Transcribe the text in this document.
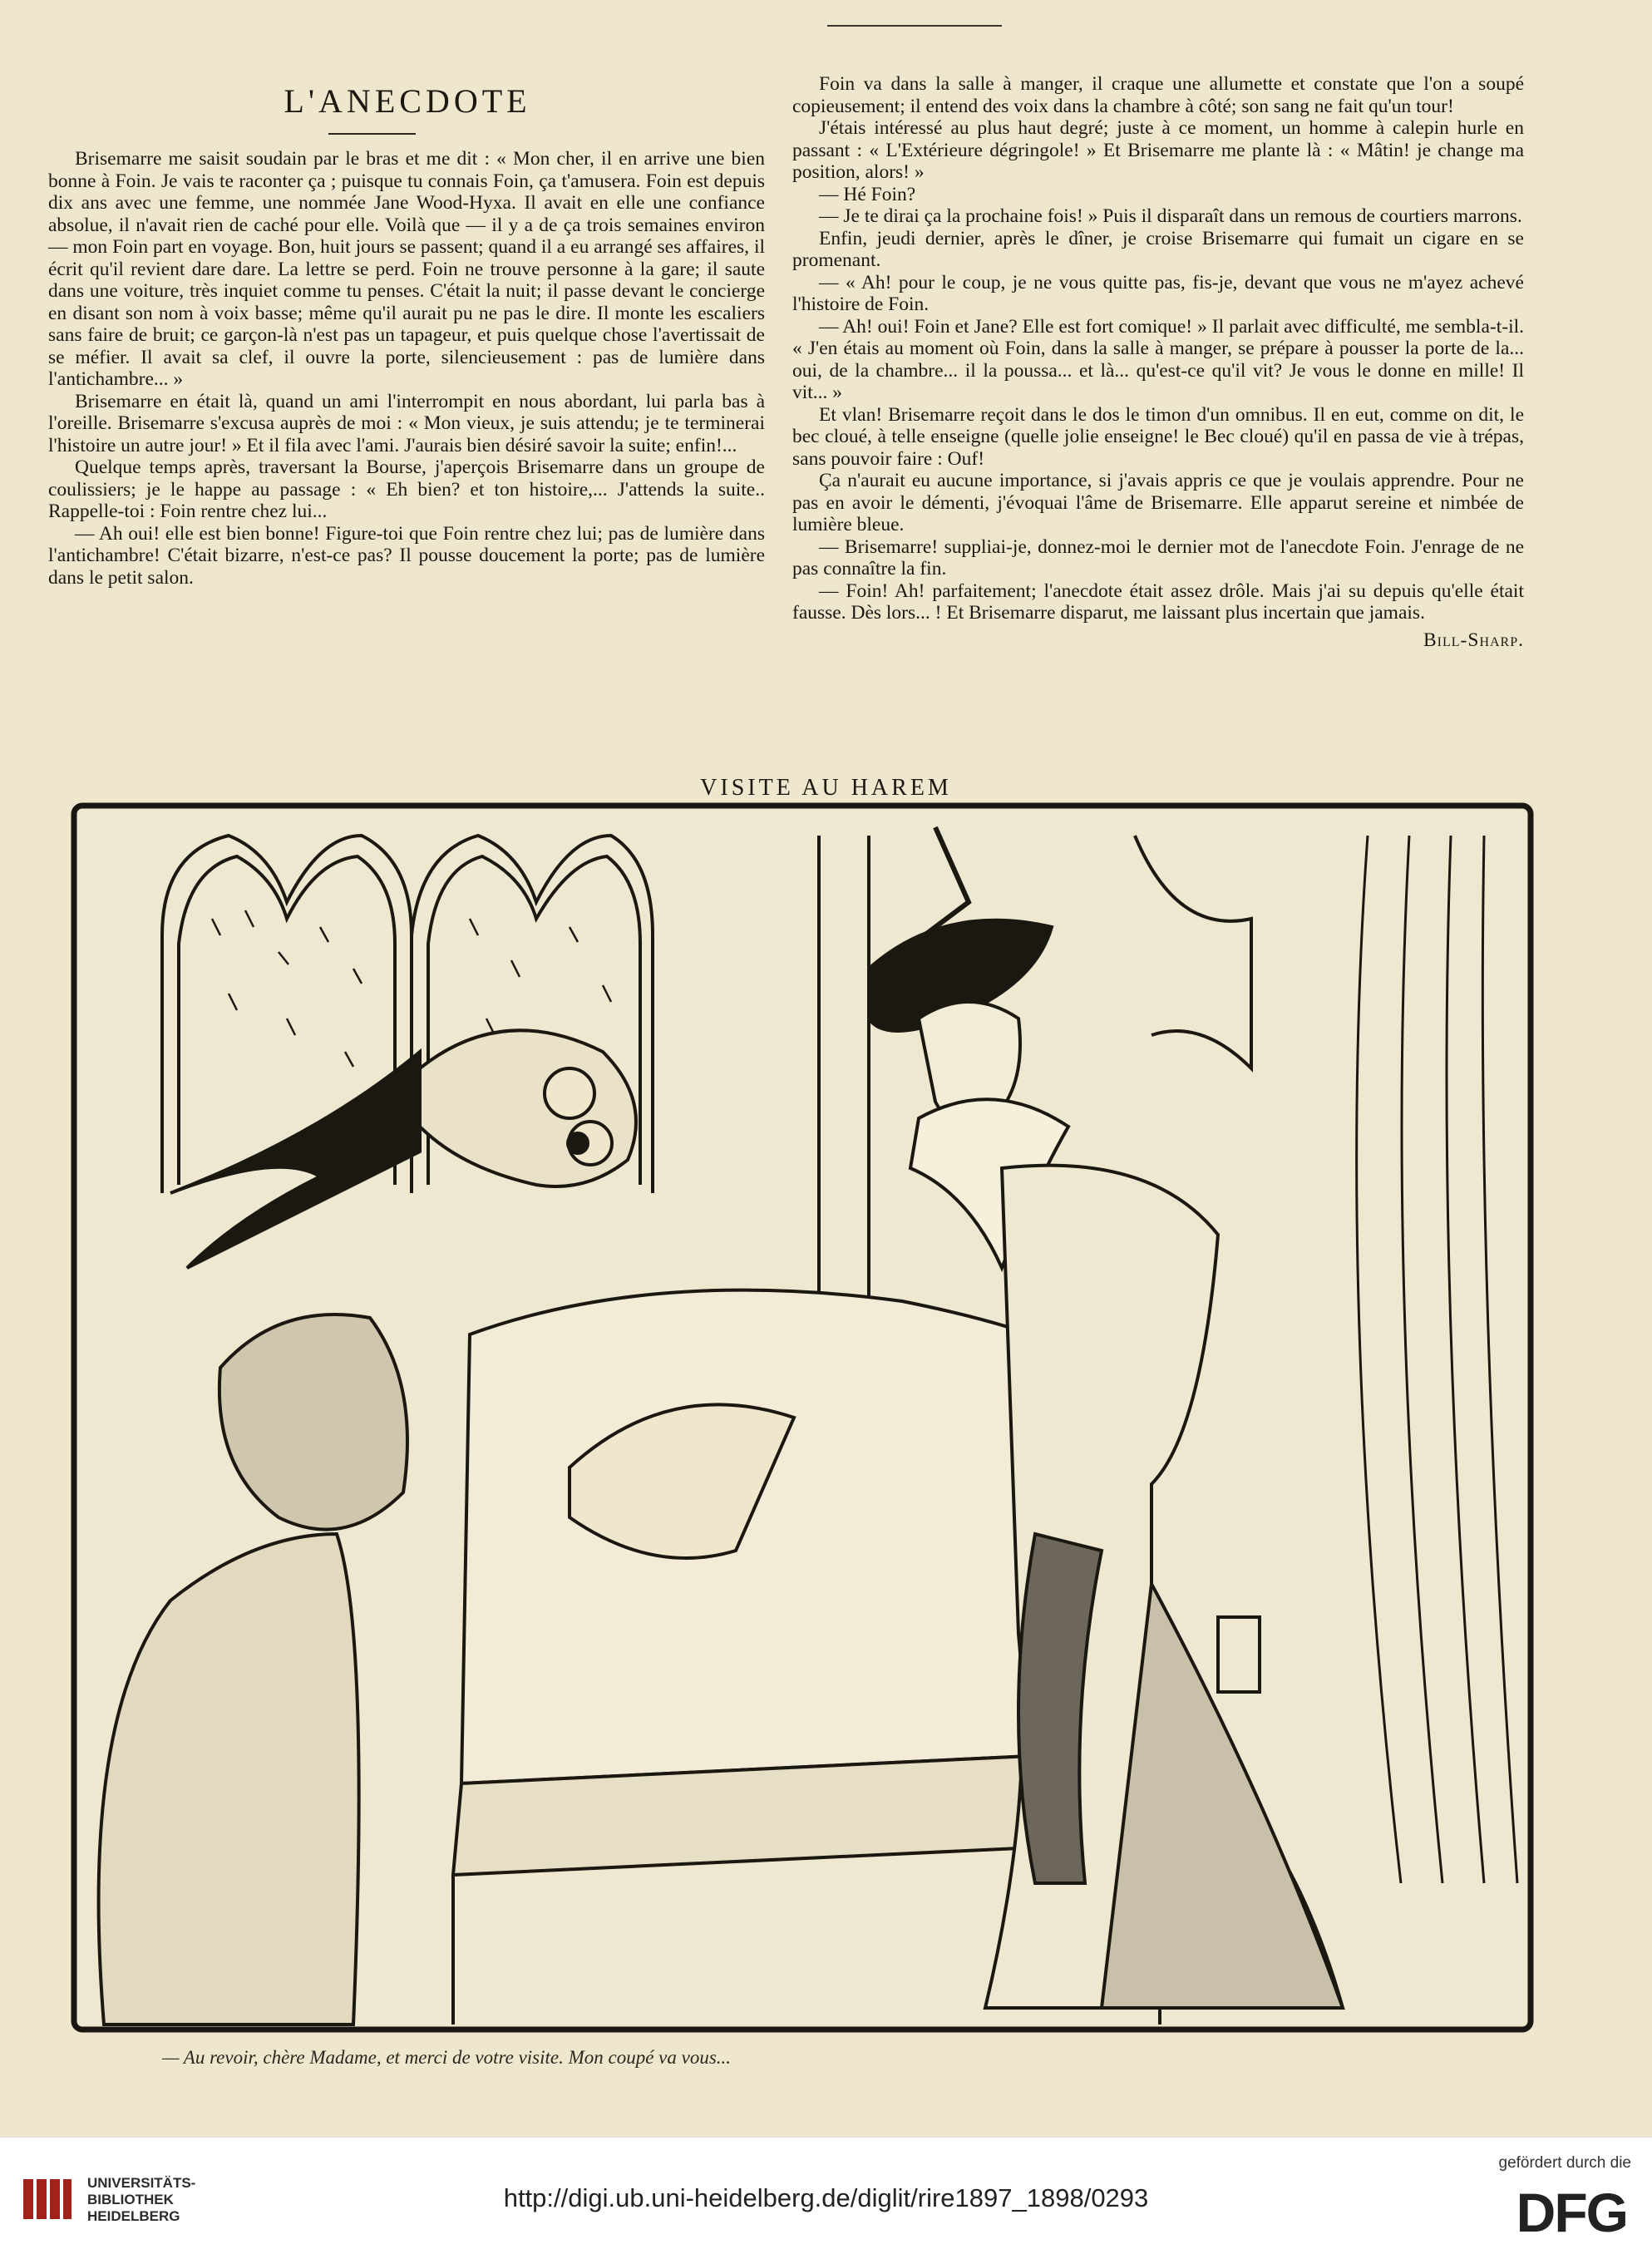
L'ANECDOTE

Brisemarre me saisit soudain par le bras et me dit : « Mon cher, il en arrive une bien bonne à Foin. Je vais te raconter ça ; puisque tu connais Foin, ça t'amusera. Foin est depuis dix ans avec une femme, une nommée Jane Wood-Hyxa. Il avait en elle une confiance absolue, il n'avait rien de caché pour elle. Voilà que — il y a de ça trois semaines environ — mon Foin part en voyage. Bon, huit jours se passent; quand il a eu arrangé ses affaires, il écrit qu'il revient dare dare. La lettre se perd. Foin ne trouve personne à la gare; il saute dans une voiture, très inquiet comme tu penses. C'était la nuit; il passe devant le concierge en disant son nom à voix basse; même qu'il aurait pu ne pas le dire. Il monte les escaliers sans faire de bruit; ce garçon-là n'est pas un tapageur, et puis quelque chose l'avertissait de se méfier. Il avait sa clef, il ouvre la porte, silencieusement : pas de lumière dans l'antichambre... »

Brisemarre en était là, quand un ami l'interrompit en nous abordant, lui parla bas à l'oreille. Brisemarre s'excusa auprès de moi : « Mon vieux, je suis attendu; je te terminerai l'histoire un autre jour! » Et il fila avec l'ami. J'aurais bien désiré savoir la suite; enfin!...

Quelque temps après, traversant la Bourse, j'aperçois Brisemarre dans un groupe de coulissiers; je le happe au passage : « Eh bien? et ton histoire,... J'attends la suite.. Rappelle-toi : Foin rentre chez lui...

— Ah oui! elle est bien bonne! Figure-toi que Foin rentre chez lui; pas de lumière dans l'antichambre! C'était bizarre, n'est-ce pas? Il pousse doucement la porte; pas de lumière dans le petit salon.

Foin va dans la salle à manger, il craque une allumette et constate que l'on a soupé copieusement; il entend des voix dans la chambre à côté; son sang ne fait qu'un tour!

J'étais intéressé au plus haut degré; juste à ce moment, un homme à calepin hurle en passant : « L'Extérieure dégringole! » Et Brisemarre me plante là : « Mâtin! je change ma position, alors! »

— Hé Foin?

— Je te dirai ça la prochaine fois! » Puis il disparaît dans un remous de courtiers marrons.

Enfin, jeudi dernier, après le dîner, je croise Brisemarre qui fumait un cigare en se promenant.

— « Ah! pour le coup, je ne vous quitte pas, fis-je, devant que vous ne m'ayez achevé l'histoire de Foin.

— Ah! oui! Foin et Jane? Elle est fort comique! » Il parlait avec difficulté, me sembla-t-il. « J'en étais au moment où Foin, dans la salle à manger, se prépare à pousser la porte de la... oui, de la chambre... il la poussa... et là... qu'est-ce qu'il vit? Je vous le donne en mille! Il vit... »

Et vlan! Brisemarre reçoit dans le dos le timon d'un omnibus. Il en eut, comme on dit, le bec cloué, à telle enseigne (quelle jolie enseigne! le Bec cloué) qu'il en passa de vie à trépas, sans pouvoir faire : Ouf!

Ça n'aurait eu aucune importance, si j'avais appris ce que je voulais apprendre. Pour ne pas en avoir le démenti, j'évoquai l'âme de Brisemarre. Elle apparut sereine et nimbée de lumière bleue.

— Brisemarre! suppliai-je, donnez-moi le dernier mot de l'anecdote Foin. J'enrage de ne pas connaître la fin.

— Foin! Ah! parfaitement; l'anecdote était assez drôle. Mais j'ai su depuis qu'elle était fausse. Dès lors... ! Et Brisemarre disparut, me laissant plus incertain que jamais.

Bill-Sharp.

VISITE AU HAREM
— Au revoir, chère Madame, et merci de votre visite. Mon coupé va vous...
UNIVERSITÄTS-
BIBLIOTHEK
HEIDELBERG
http://digi.ub.uni-heidelberg.de/diglit/rire1897_1898/0293
gefördert durch die
DFG
